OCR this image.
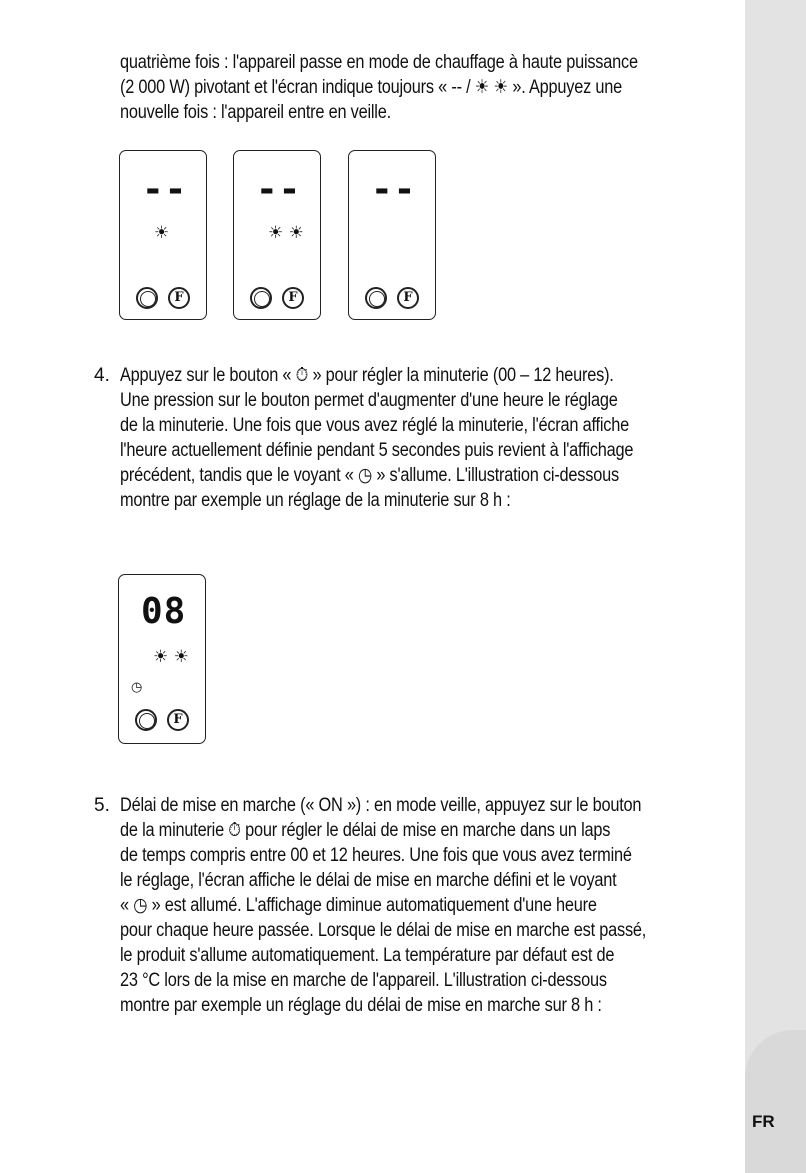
FR
quatrième fois : l'appareil passe en mode de chauffage à haute puissance
(2 000 W) pivotant et l'écran indique toujours « -- / ☀ ☀ ». Appuyez une
nouvelle fois : l'appareil entre en veille.
--
☀
F
--
☀ ☀
F
--
F
4. Appuyez sur le bouton « ⏱ » pour régler la minuterie (00 – 12 heures).
Une pression sur le bouton permet d'augmenter d'une heure le réglage
de la minuterie. Une fois que vous avez réglé la minuterie, l'écran affiche
l'heure actuellement définie pendant 5 secondes puis revient à l'affichage
précédent, tandis que le voyant « ◷ » s'allume. L'illustration ci-dessous
montre par exemple un réglage de la minuterie sur 8 h :
08
☀ ☀
◷
F
5. Délai de mise en marche (« ON ») : en mode veille, appuyez sur le bouton
de la minuterie ⏱ pour régler le délai de mise en marche dans un laps
de temps compris entre 00 et 12 heures. Une fois que vous avez terminé
le réglage, l'écran affiche le délai de mise en marche défini et le voyant
« ◷ » est allumé. L'affichage diminue automatiquement d'une heure
pour chaque heure passée. Lorsque le délai de mise en marche est passé,
le produit s'allume automatiquement. La température par défaut est de
23 °C lors de la mise en marche de l'appareil. L'illustration ci-dessous
montre par exemple un réglage du délai de mise en marche sur 8 h :
